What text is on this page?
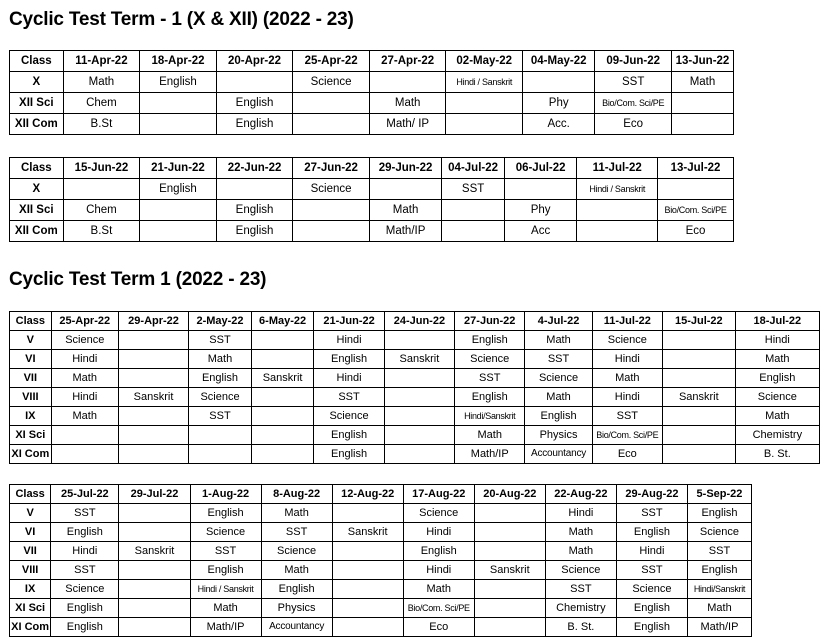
Cyclic Test Term - 1 (X & XII) (2022 - 23)
Class	11-Apr-22	18-Apr-22	20-Apr-22	25-Apr-22	27-Apr-22	02-May-22	04-May-22	09-Jun-22	13-Jun-22
X	Math	English		Science		Hindi / Sanskrit		SST	Math
XII Sci	Chem		English		Math		Phy	Bio/Com. Sci/PE	
XII Com	B.St		English		Math/ IP		Acc.	Eco	
Class	15-Jun-22	21-Jun-22	22-Jun-22	27-Jun-22	29-Jun-22	04-Jul-22	06-Jul-22	11-Jul-22	13-Jul-22
X		English		Science		SST		Hindi / Sanskrit	
XII Sci	Chem		English		Math		Phy		Bio/Com. Sci/PE
XII Com	B.St		English		Math/IP		Acc		Eco
Cyclic Test Term 1 (2022 - 23)
Class	25-Apr-22	29-Apr-22	2-May-22	6-May-22	21-Jun-22	24-Jun-22	27-Jun-22	4-Jul-22	11-Jul-22	15-Jul-22	18-Jul-22
V	Science		SST		Hindi		English	Math	Science		Hindi
VI	Hindi		Math		English	Sanskrit	Science	SST	Hindi		Math
VII	Math		English	Sanskrit	Hindi		SST	Science	Math		English
VIII	Hindi	Sanskrit	Science		SST		English	Math	Hindi	Sanskrit	Science
IX	Math		SST		Science		Hindi/Sanskrit	English	SST		Math
XI Sci					English		Math	Physics	Bio/Com. Sci/PE		Chemistry
XI Com					English		Math/IP	Accountancy	Eco		B. St.
Class	25-Jul-22	29-Jul-22	1-Aug-22	8-Aug-22	12-Aug-22	17-Aug-22	20-Aug-22	22-Aug-22	29-Aug-22	5-Sep-22
V	SST		English	Math		Science		Hindi	SST	English
VI	English		Science	SST	Sanskrit	Hindi		Math	English	Science
VII	Hindi	Sanskrit	SST	Science		English		Math	Hindi	SST
VIII	SST		English	Math		Hindi	Sanskrit	Science	SST	English
IX	Science		Hindi / Sanskrit	English		Math		SST	Science	Hindi/Sanskrit
XI Sci	English		Math	Physics		Bio/Com. Sci/PE		Chemistry	English	Math
XI Com	English		Math/IP	Accountancy		Eco		B. St.	English	Math/IP
